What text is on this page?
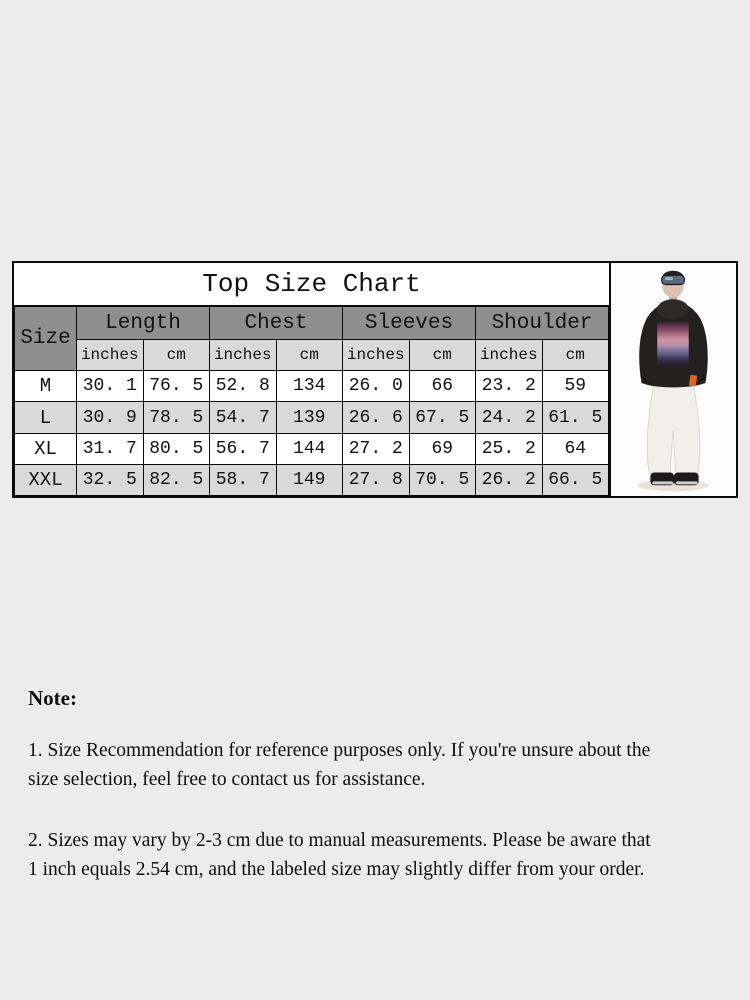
Top Size Chart
Size	Length		Chest		Sleeves		Shoulder	
	inches	cm	inches	cm	inches	cm	inches	cm
M	30. 1	76. 5	52. 8	134	26. 0	66	23. 2	59
L	30. 9	78. 5	54. 7	139	26. 6	67. 5	24. 2	61. 5
XL	31. 7	80. 5	56. 7	144	27. 2	69	25. 2	64
XXL	32. 5	82. 5	58. 7	149	27. 8	70. 5	26. 2	66. 5
Note:
1. Size Recommendation for reference purposes only. If you're unsure about the
size selection, feel free to contact us for assistance.
2. Sizes may vary by 2-3 cm due to manual measurements. Please be aware that
1 inch equals 2.54 cm, and the labeled size may slightly differ from your order.
